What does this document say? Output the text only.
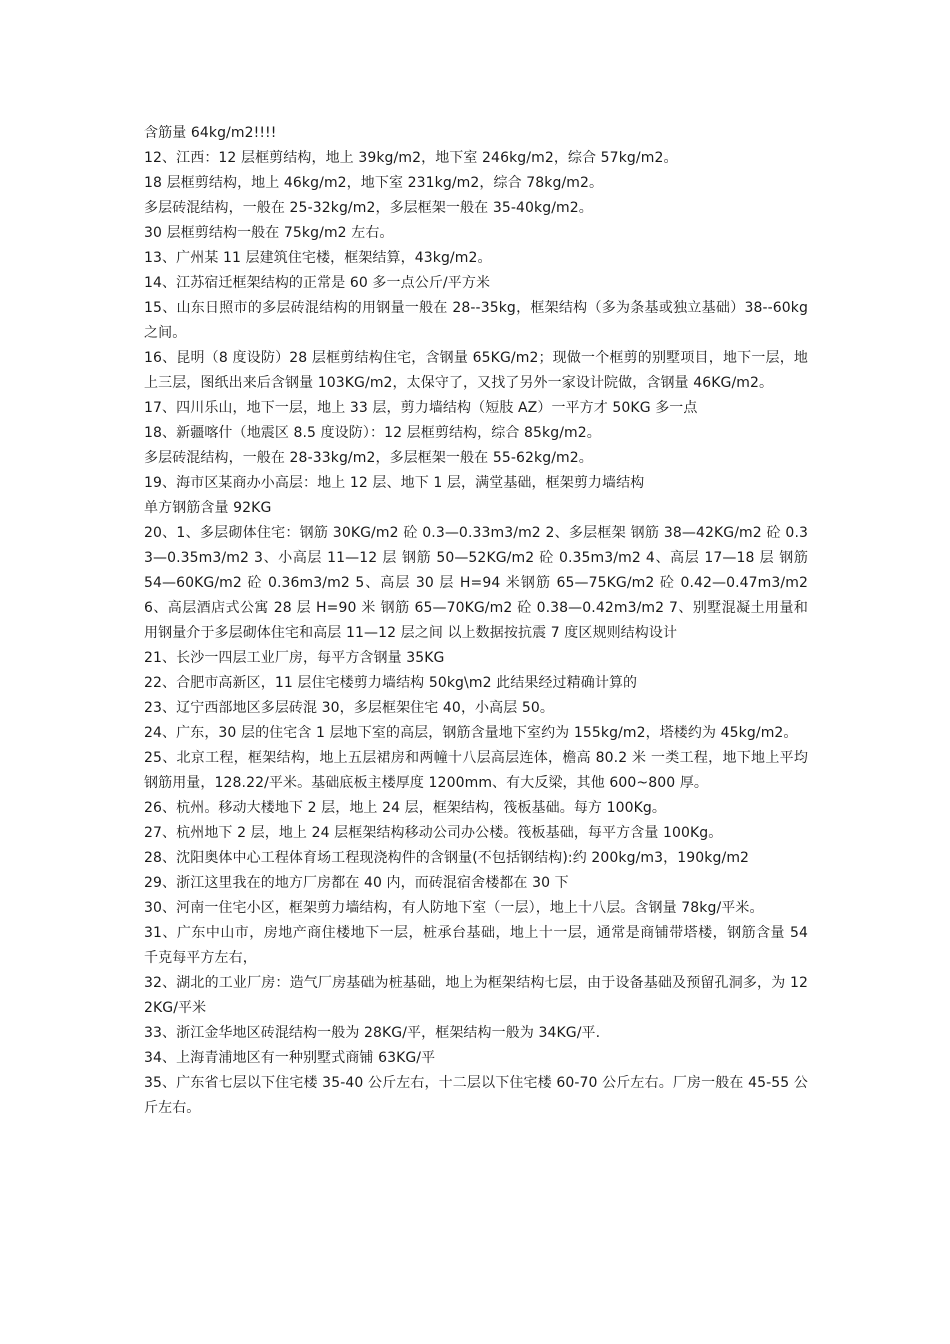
含筋量 64kg/m2!!!!

12、江西：12 层框剪结构，地上 39kg/m2，地下室 246kg/m2，综合 57kg/m2。

18 层框剪结构，地上 46kg/m2，地下室 231kg/m2，综合 78kg/m2。

多层砖混结构，一般在 25-32kg/m2，多层框架一般在 35-40kg/m2。

30 层框剪结构一般在 75kg/m2 左右。

13、广州某 11 层建筑住宅楼，框架结算，43kg/m2。

14、江苏宿迁框架结构的正常是 60 多一点公斤/平方米

15、山东日照市的多层砖混结构的用钢量一般在 28--35kg，框架结构（多为条基或独立基础）38--60kg 之间。

16、昆明（8 度设防）28 层框剪结构住宅，含钢量 65KG/m2；现做一个框剪的别墅项目，地下一层，地上三层，图纸出来后含钢量 103KG/m2，太保守了，又找了另外一家设计院做，含钢量 46KG/m2。

17、四川乐山，地下一层，地上 33 层，剪力墙结构（短肢 AZ）一平方才 50KG 多一点

18、新疆喀什（地震区 8.5 度设防）：12 层框剪结构，综合 85kg/m2。

多层砖混结构，一般在 28-33kg/m2，多层框架一般在 55-62kg/m2。

19、海市区某商办小高层：地上 12 层、地下 1 层，满堂基础，框架剪力墙结构

单方钢筋含量 92KG

20、1、多层砌体住宅：钢筋 30KG/m2 砼 0.3—0.33m3/m2 2、多层框架 钢筋 38—42KG/m2 砼 0.33—0.35m3/m2 3、小高层 11—12 层 钢筋 50—52KG/m2 砼 0.35m3/m2 4、高层 17—18 层 钢筋 54—60KG/m2 砼 0.36m3/m2 5、高层 30 层 H=94 米钢筋 65—75KG/m2 砼 0.42—0.47m3/m2 6、高层酒店式公寓 28 层 H=90 米 钢筋 65—70KG/m2 砼 0.38—0.42m3/m2 7、别墅混凝土用量和用钢量介于多层砌体住宅和高层 11—12 层之间 以上数据按抗震 7 度区规则结构设计

21、长沙一四层工业厂房，每平方含钢量 35KG

22、合肥市高新区，11 层住宅楼剪力墙结构 50kg\m2 此结果经过精确计算的

23、辽宁西部地区多层砖混 30，多层框架住宅 40，小高层 50。

24、广东，30 层的住宅含 1 层地下室的高层，钢筋含量地下室约为 155kg/m2，塔楼约为 45kg/m2。

25、北京工程，框架结构，地上五层裙房和两幢十八层高层连体，檐高 80.2 米 一类工程，地下地上平均钢筋用量，128.22/平米。基础底板主楼厚度 1200mm、有大反梁，其他 600~800 厚。

26、杭州。移动大楼地下 2 层，地上 24 层，框架结构，筏板基础。每方 100Kg。

27、杭州地下 2 层，地上 24 层框架结构移动公司办公楼。筏板基础，每平方含量 100Kg。

28、沈阳奥体中心工程体育场工程现浇构件的含钢量(不包括钢结构):约 200kg/m3，190kg/m2

29、浙江这里我在的地方厂房都在 40 内，而砖混宿舍楼都在 30 下

30、河南一住宅小区，框架剪力墙结构，有人防地下室（一层），地上十八层。含钢量 78kg/平米。

31、广东中山市，房地产商住楼地下一层，桩承台基础，地上十一层，通常是商铺带塔楼，钢筋含量 54 千克每平方左右，

32、湖北的工业厂房：造气厂房基础为桩基础，地上为框架结构七层，由于设备基础及预留孔洞多，为 122KG/平米

33、浙江金华地区砖混结构一般为 28KG/平，框架结构一般为 34KG/平.

34、上海青浦地区有一种别墅式商铺 63KG/平

35、广东省七层以下住宅楼 35-40 公斤左右，十二层以下住宅楼 60-70 公斤左右。厂房一般在 45-55 公斤左右。
